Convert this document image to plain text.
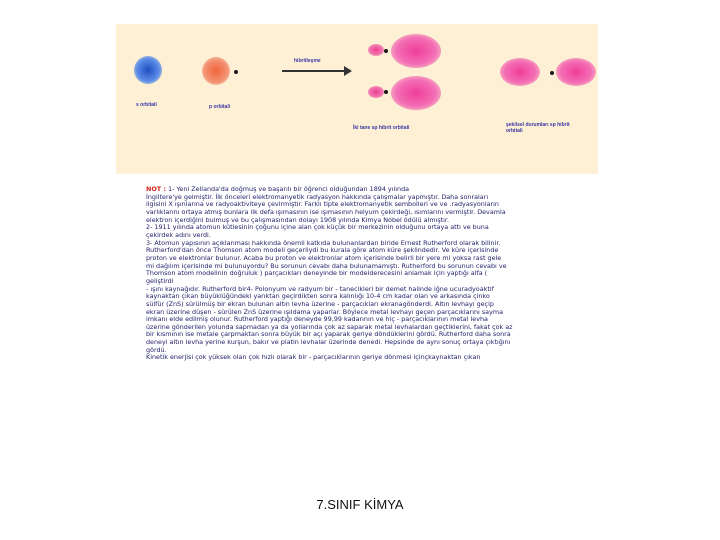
s orbitali	p orbitali
hibritleşme
İki tane sp hibrit orbitali	şekilsel durumları sp hibrit orbitali

NOT : 1- Yeni Zellanda'da doğmuş ve başarılı bir öğrenci olduğundan 1894 yılında

İngiltere'ye gelmiştir. İlk önceleri elektromanyetik radyasyon hakkında çalışmalar yapmıştır. Daha sonraları

ilgisini X ışınlarına ve radyoaktiviteye çevirmiştir. Farklı tipte elektromanyetik sembolleri ve ve .radyasyonların

varlıklarını ortaya atmış bunlara ilk defa ışımasının ise ışımasının helyum çekirdeği, ısımlarını vermiştir. Devamla

elektron içerdiğini bulmuş ve bu çalışmasından dolayı 1908 yılında Kimya Nobel ödülü almıştır.

2- 1911 yılında atomun kütlesinin çoğunu içine alan çok küçük bir merkezinin olduğunu ortaya attı ve buna

çekirdek adını verdi.

3- Atomun yapısının açıklanması hakkında önemli katkıda bulunanlardan biride Ernest Rutherford olarak bilinir.

Rutherford'dan önce Thomson atom modeli geçerliydi bu kurala göre atom küre şeklindedir. Ve küre içerisinde

proton ve elektronlar bulunur. Acaba bu proton ve elektronlar atom içerisinde belirli bir yere mi yoksa rast gele

mi dağılım içerisinde mi bulunuyordu? Bu sorunun cevabı daha bulunamamıştı. Rutherford bu sorunun cevabı ve

Thomson atom modelinin doğruluk ) parçacıkları deneyinde bir modelderecesini anlamak için yaptığı alfa (

geliştirdi

- ışını kaynağıdır. Rutherford bir4- Polonyum ve radyum bir - tanecikleri bir demet halinde iğne ucuradyoaktif

kaynaktan çıkan büyüklüğündeki yarıktan geçirdikten sonra kalınlığı 10-4 cm kadar olan ve arkasında çinko

sülfür (ZnS) sürülmüş bir ekran bulunan altın levha üzerine - parçacıkları ekranagönderdi. Altın levhayı geçip

ekran üzerine düşen - sürülen ZnS üzerine ışıldama yaparlar. Böylece metal levhayı geçen parçacıklarını sayma

imkanı elde edilmiş olunur. Rutherford yaptığı deneyde 99,99 kadarının ve hiç - parçacıklarının metal levha

üzerine gönderilen yolunda sapmadan ya da yollarında çok az saparak metal levhalardan geçtiklerini, fakat çok az

bir kısmının ise metale çarpmaktan sonra büyük bir açı yaparak geriye döndüklerini gördü. Rutherford daha sonra

deneyi altın levha yerine kurşun, bakır ve platin levhalar üzerinde denedi. Hepsinde de aynı sonuç ortaya çıktığını

gördü.

Kinetik enerjisi çok yüksek olan çok hızlı olarak bir - parçacıklarının geriye dönmesi içinçkaynaktan çıkan

7.SINIF KİMYA
